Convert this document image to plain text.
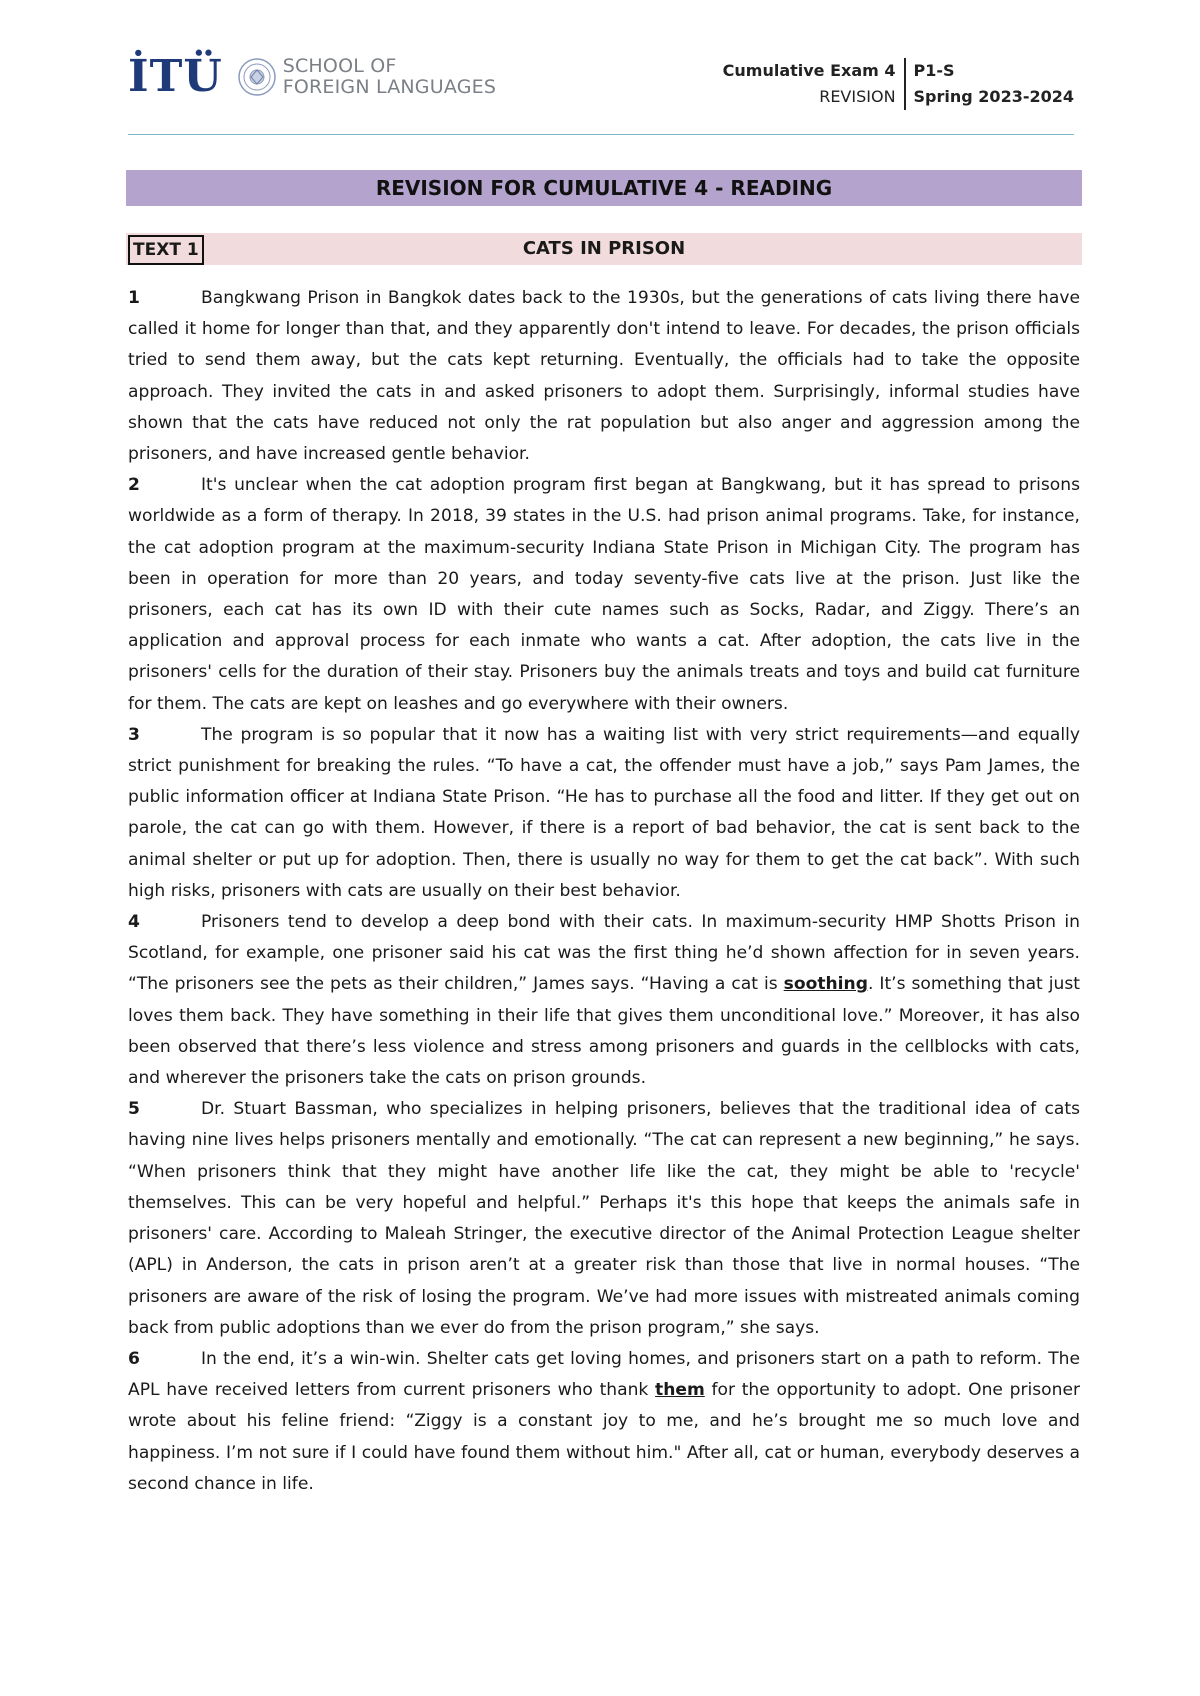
İTÜ	SCHOOL OF
FOREIGN LANGUAGES
Cumulative Exam 4
REVISION
P1-S
Spring 2023-2024
REVISION FOR CUMULATIVE 4 - READING
TEXT 1	CATS IN PRISON

1	Bangkwang Prison in Bangkok dates back to the 1930s, but the generations of cats living there have called it home for longer than that, and they apparently don't intend to leave. For decades, the prison officials tried to send them away, but the cats kept returning. Eventually, the officials had to take the opposite approach. They invited the cats in and asked prisoners to adopt them. Surprisingly, informal studies have shown that the cats have reduced not only the rat population but also anger and aggression among the prisoners, and have increased gentle behavior.

2	It's unclear when the cat adoption program first began at Bangkwang, but it has spread to prisons worldwide as a form of therapy. In 2018, 39 states in the U.S. had prison animal programs. Take, for instance, the cat adoption program at the maximum-security Indiana State Prison in Michigan City. The program has been in operation for more than 20 years, and today seventy-five cats live at the prison. Just like the prisoners, each cat has its own ID with their cute names such as Socks, Radar, and Ziggy. There’s an application and approval process for each inmate who wants a cat. After adoption, the cats live in the prisoners' cells for the duration of their stay. Prisoners buy the animals treats and toys and build cat furniture for them. The cats are kept on leashes and go everywhere with their owners.

3	The program is so popular that it now has a waiting list with very strict requirements—and equally strict punishment for breaking the rules. “To have a cat, the offender must have a job,” says Pam James, the public information officer at Indiana State Prison. “He has to purchase all the food and litter. If they get out on parole, the cat can go with them. However, if there is a report of bad behavior, the cat is sent back to the animal shelter or put up for adoption. Then, there is usually no way for them to get the cat back”. With such high risks, prisoners with cats are usually on their best behavior.

4	Prisoners tend to develop a deep bond with their cats. In maximum-security HMP Shotts Prison in Scotland, for example, one prisoner said his cat was the first thing he’d shown affection for in seven years. “The prisoners see the pets as their children,” James says. “Having a cat is soothing. It’s something that just loves them back. They have something in their life that gives them unconditional love.” Moreover, it has also been observed that there’s less violence and stress among prisoners and guards in the cellblocks with cats, and wherever the prisoners take the cats on prison grounds.

5	Dr. Stuart Bassman, who specializes in helping prisoners, believes that the traditional idea of cats having nine lives helps prisoners mentally and emotionally. “The cat can represent a new beginning,” he says. “When prisoners think that they might have another life like the cat, they might be able to 'recycle' themselves. This can be very hopeful and helpful.” Perhaps it's this hope that keeps the animals safe in prisoners' care. According to Maleah Stringer, the executive director of the Animal Protection League shelter (APL) in Anderson, the cats in prison aren’t at a greater risk than those that live in normal houses. “The prisoners are aware of the risk of losing the program. We’ve had more issues with mistreated animals coming back from public adoptions than we ever do from the prison program,” she says.

6	In the end, it’s a win-win. Shelter cats get loving homes, and prisoners start on a path to reform. The APL have received letters from current prisoners who thank them for the opportunity to adopt. One prisoner wrote about his feline friend: “Ziggy is a constant joy to me, and he’s brought me so much love and happiness. I’m not sure if I could have found them without him." After all, cat or human, everybody deserves a second chance in life.
